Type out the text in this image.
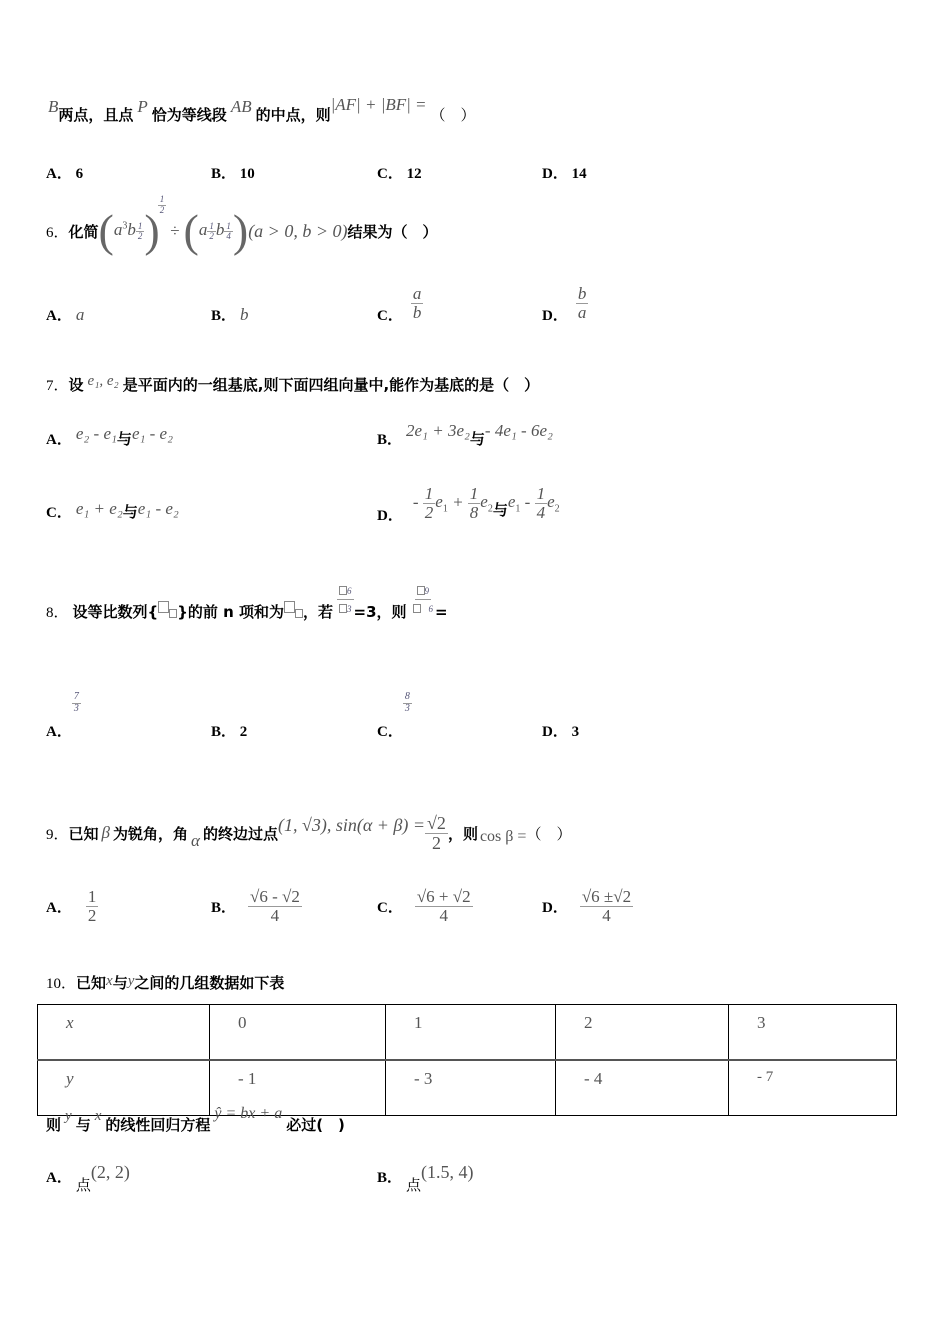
B两点，且点 P 恰为等线段 AB 的中点，则|AF| + |BF| = （　）
A． 6	B． 10	C． 12	D． 14
6． 化简 ( $a^3b$ $^{\frac{1}{2}}$ )
$\frac{1}{2}$
÷ ( a $^{\frac{1}{2}}$ b $^{\frac{1}{4}}$ ) (a > 0, b > 0) 结果为（　）
A． a	B． b	C． $\frac{a}{b}$	D． $\frac{b}{a}$
7．设 e₁, e₂ 是平面内的一组基底,则下面四组向量中,能作为基底的是（　）
A． e₂ - e₁与e₁ - e₂	B． 2e₁ + 3e₂与- 4e₁ - 6e₂
C． e₁ + e₂与e₁ - e₂	D．
- $\frac{1}{2} e_1 + \frac{1}{8} e_2$ 与 $e_1 - \frac{1}{4} e_2$
8． 设等比数列{ }的前 n 项和为 ，若 $\frac{6}{3} =3$，则 $\frac{9}{6}$ =
A．
$\frac{7}{3}$
B． 2	C．
$\frac{8}{3}$
D． 3
9． 已知 β 为锐角，角 α 的终边过点 (1, √3), $\sin(\alpha + \beta) = \frac{√2}{2}$ ，则 cos β = （　）
A． $\frac{1}{2}$	B． $\frac{√6 - √2}{4}$	C． $\frac{√6 + √2}{4}$	D． $\frac{√6 \pm√2}{4}$
10．已知x与y之间的几组数据如下表
x	0	1	2	3
y	- 1	- 3	- 4	- 7
则 y 与 x 的线性回归方程 ŷ = bx + a 必过(　)
A． 点(2, 2)	B． 点(1.5, 4)
